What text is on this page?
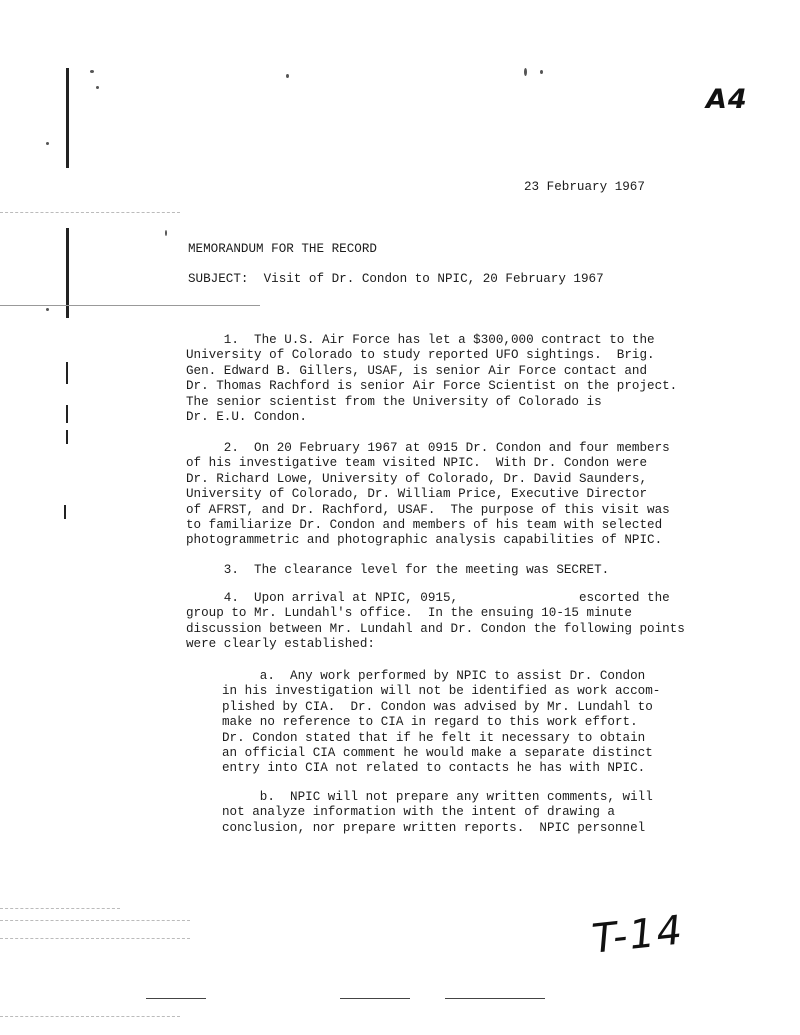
A4
23 February 1967
MEMORANDUM FOR THE RECORD
SUBJECT:  Visit of Dr. Condon to NPIC, 20 February 1967
1.  The U.S. Air Force has let a $300,000 contract to the
University of Colorado to study reported UFO sightings.  Brig.
Gen. Edward B. Gillers, USAF, is senior Air Force contact and
Dr. Thomas Rachford is senior Air Force Scientist on the project.
The senior scientist from the University of Colorado is
Dr. E.U. Condon.
2.  On 20 February 1967 at 0915 Dr. Condon and four members
of his investigative team visited NPIC.  With Dr. Condon were
Dr. Richard Lowe, University of Colorado, Dr. David Saunders,
University of Colorado, Dr. William Price, Executive Director
of AFRST, and Dr. Rachford, USAF.  The purpose of this visit was
to familiarize Dr. Condon and members of his team with selected
photogrammetric and photographic analysis capabilities of NPIC.
3.  The clearance level for the meeting was SECRET.
4.  Upon arrival at NPIC, 0915,                escorted the
group to Mr. Lundahl's office.  In the ensuing 10-15 minute
discussion between Mr. Lundahl and Dr. Condon the following points
were clearly established:
a.  Any work performed by NPIC to assist Dr. Condon
in his investigation will not be identified as work accom-
plished by CIA.  Dr. Condon was advised by Mr. Lundahl to
make no reference to CIA in regard to this work effort.
Dr. Condon stated that if he felt it necessary to obtain
an official CIA comment he would make a separate distinct
entry into CIA not related to contacts he has with NPIC.
b.  NPIC will not prepare any written comments, will
not analyze information with the intent of drawing a
conclusion, nor prepare written reports.  NPIC personnel
T-14
